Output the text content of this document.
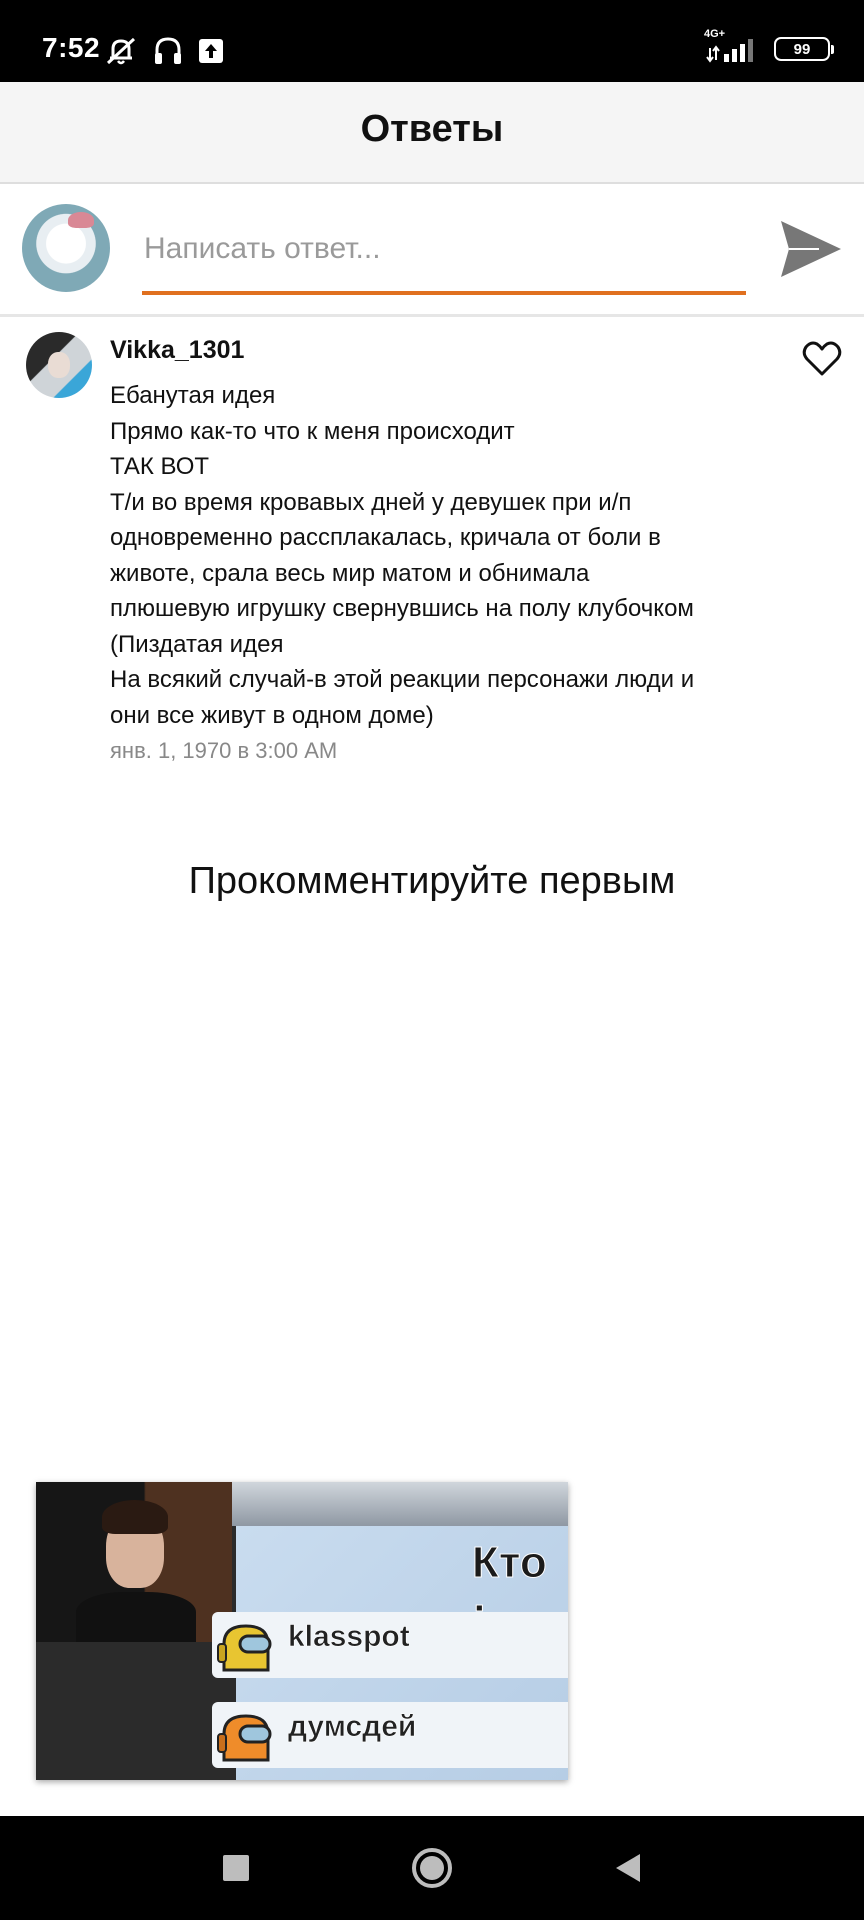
7:52	4G+
99
Ответы
Написать ответ...
Vikka_1301
Ебанутая идея
Прямо как-то что к меня происходит
ТАК ВОТ
Т/и во время кровавых дней у девушек при и/п
одновременно рассплакалась, кричала от боли в
животе, срала весь мир матом и обнимала
плюшевую игрушку свернувшись на полу клубочком
(Пиздатая идея
На всякий случай-в этой реакции персонажи люди и
они все живут в одном доме)
янв. 1, 1970 в 3:00 AM
Прокомментируйте первым
Кто
klasspot
думсдей
